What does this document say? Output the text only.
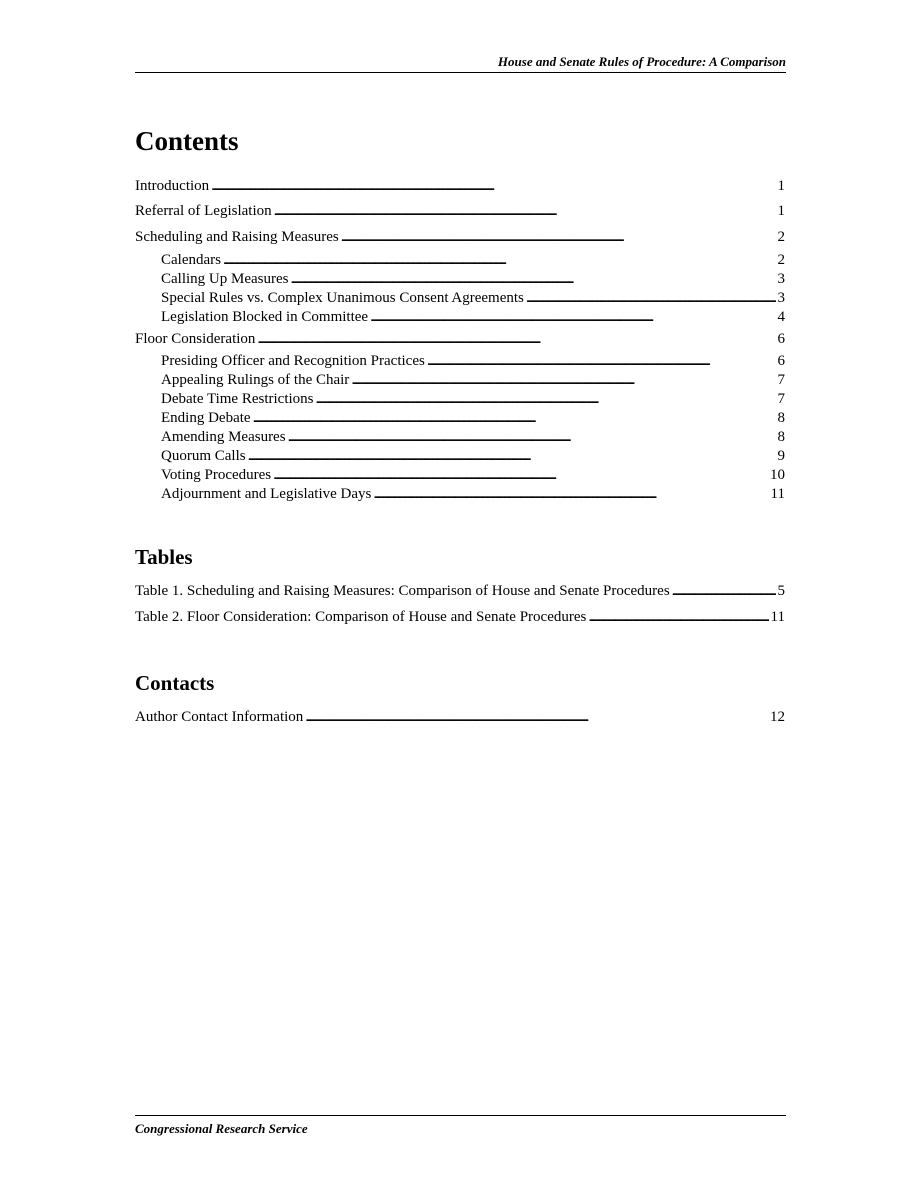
House and Senate Rules of Procedure: A Comparison
Contents
Introduction . . .	1
Referral of Legislation . . .	1
Scheduling and Raising Measures . . .	2
Calendars . . .	2
Calling Up Measures . . .	3
Special Rules vs. Complex Unanimous Consent Agreements . . .	3
Legislation Blocked in Committee . . .	4
Floor Consideration . . .	6
Presiding Officer and Recognition Practices . . .	6
Appealing Rulings of the Chair . . .	7
Debate Time Restrictions . . .	7
Ending Debate . . .	8
Amending Measures . . .	8
Quorum Calls . . .	9
Voting Procedures . . .	10
Adjournment and Legislative Days . . .	11
Tables
Table 1. Scheduling and Raising Measures: Comparison of House and Senate Procedures . . .	5
Table 2. Floor Consideration: Comparison of House and Senate Procedures . . .	11
Contacts
Author Contact Information . . .	12
Congressional Research Service
